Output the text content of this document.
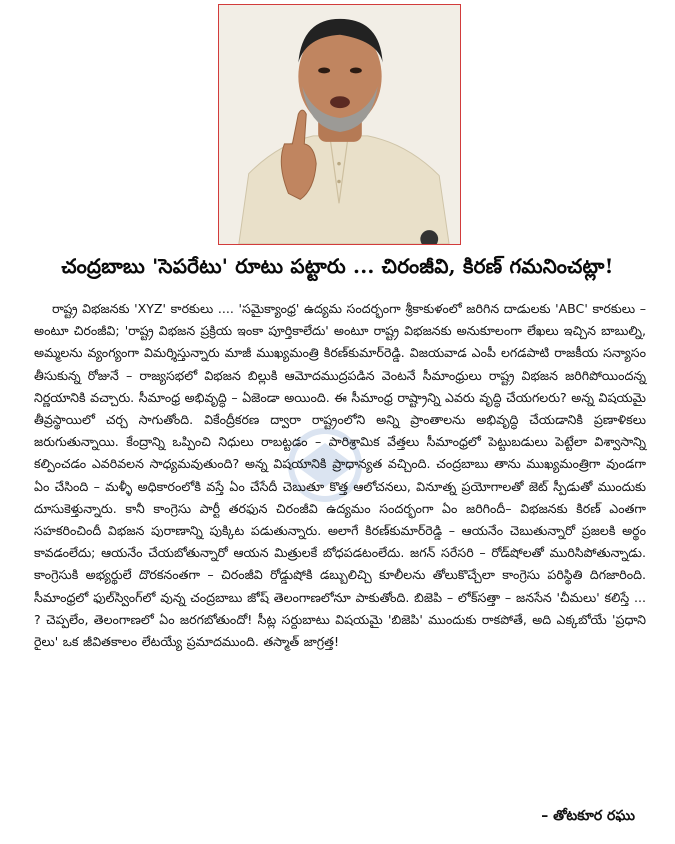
చంద్రబాబు 'సెపరేటు' రూటు పట్టారు ... చిరంజీవి, కిరణ్ గమనించట్లా!

రాష్ట్ర విభజనకు 'XYZ' కారకులు .... 'సమైక్యాంధ్ర' ఉద్యమ సందర్భంగా శ్రీకాకుళంలో జరిగిన దాడులకు 'ABC' కారకులు – అంటూ చిరంజీవి; 'రాష్ట్ర విభజన ప్రక్రియ ఇంకా పూర్తికాలేదు' అంటూ రాష్ట్ర విభజనకు అనుకూలంగా లేఖలు ఇచ్చిన బాబుల్ని, అమ్మలను వ్యంగ్యంగా విమర్శిస్తున్నారు మాజీ ముఖ్యమంత్రి కిరణ్‌కుమార్‌రెడ్డి. విజయవాడ ఎంపీ లగడపాటి రాజకీయ సన్యాసం తీసుకున్న రోజునే – రాజ్యసభలో విభజన బిల్లుకి ఆమోదముద్రపడిన వెంటనే సీమాంధ్రులు రాష్ట్ర విభజన జరిగిపోయిందన్న నిర్ణయానికి వచ్చారు. సీమాంధ్ర అభివృద్ధి – ఏజెండా అయింది. ఈ సీమాంధ్ర రాష్ట్రాన్ని ఎవరు వృద్ధి చేయగలరు? అన్న విషయమై తీవ్రస్థాయిలో చర్చ సాగుతోంది. వికేంద్రీకరణ ద్వారా రాష్ట్రంలోని అన్ని ప్రాంతాలను అభివృద్ధి చేయడానికి ప్రణాళికలు జరుగుతున్నాయి. కేంద్రాన్ని ఒప్పించి నిధులు రాబట్టడం – పారిశ్రామిక వేత్తలు సీమాంధ్రలో పెట్టుబడులు పెట్టేలా విశ్వాసాన్ని కల్పించడం ఎవరివలన సాధ్యమవుతుంది? అన్న విషయానికి ప్రాధాన్యత వచ్చింది. చంద్రబాబు తాను ముఖ్యమంత్రిగా వుండగా ఏం చేసింది – మళ్ళీ అధికారంలోకి వస్తే ఏం చేసేదీ చెబుతూ కొత్త ఆలోచనలు, వినూత్న ప్రయోగాలతో జెట్ స్పీడుతో ముందుకు దూసుకెళ్తున్నారు. కానీ కాంగ్రెసు పార్టీ తరఫున చిరంజీవి ఉద్యమం సందర్భంగా ఏం జరిగిందీ– విభజనకు కిరణ్ ఎంతగా సహకరించిందీ విభజన పురాణాన్ని పుక్కిట పడుతున్నారు. అలాగే కిరణ్‌కుమార్‌రెడ్డి – ఆయనేం చెబుతున్నారో ప్రజలకి అర్థం కావడంలేదు; ఆయనేం చేయబోతున్నారో ఆయన మిత్రులకే బోధపడటంలేదు. జగన్ సరేసరి – రోడ్‌షోలతో మురిసిపోతున్నాడు. కాంగ్రెసుకి అభ్యర్థులే దొరకనంతగా – చిరంజీవి రోడ్డుషోకి డబ్బులిచ్చి కూలీలను తోలుకొచ్చేలా కాంగ్రెసు పరిస్థితి దిగజారింది. సీమాంధ్రలో ఫుల్‌స్వింగ్‌లో వున్న చంద్రబాబు జోష్ తెలంగాణలోనూ పాకుతోంది. బిజెపి – లోక్‌సత్తా – జనసేన 'చీమలు' కలిస్తే ... ? చెప్పలేం, తెలంగాణలో ఏం జరగబోతుందో! సీట్ల సర్దుబాటు విషయమై 'బిజెపి' ముందుకు రాకపోతే, అది ఎక్కబోయే 'ప్రధాని రైలు' ఒక జీవితకాలం లేటయ్యే ప్రమాదముంది. తస్మాత్ జాగ్రత్త!

– తోటకూర రఘు
